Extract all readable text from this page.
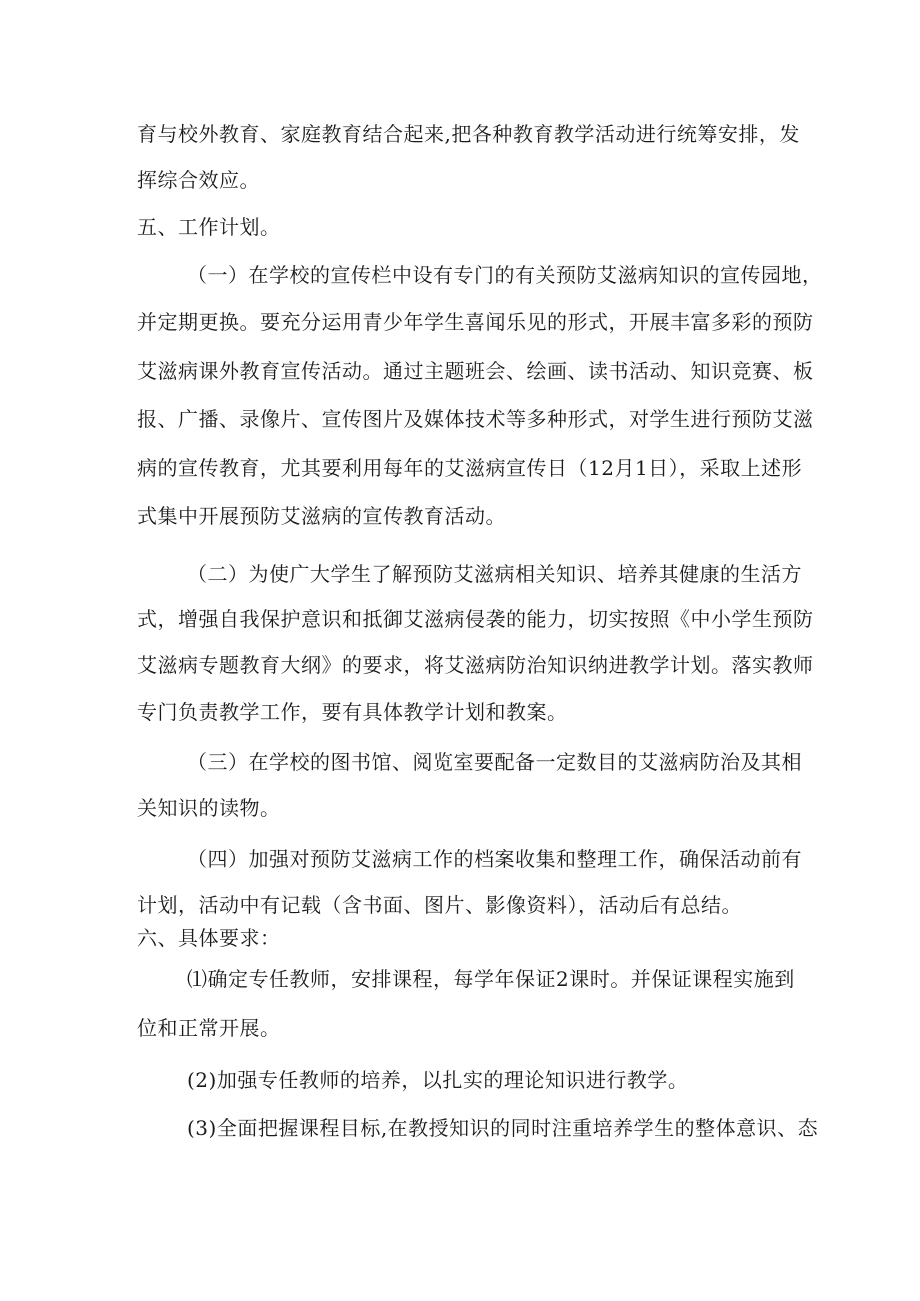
育与校外教育、家庭教育结合起来,把各种教育教学活动进行统筹安排，发
挥综合效应。
五、工作计划。
（一）在学校的宣传栏中设有专门的有关预防艾滋病知识的宣传园地，
并定期更换。要充分运用青少年学生喜闻乐见的形式，开展丰富多彩的预防
艾滋病课外教育宣传活动。通过主题班会、绘画、读书活动、知识竞赛、板
报、广播、录像片、宣传图片及媒体技术等多种形式，对学生进行预防艾滋
病的宣传教育，尤其要利用每年的艾滋病宣传日（12月1日），采取上述形
式集中开展预防艾滋病的宣传教育活动。
（二）为使广大学生了解预防艾滋病相关知识、培养其健康的生活方
式，增强自我保护意识和抵御艾滋病侵袭的能力，切实按照《中小学生预防
艾滋病专题教育大纲》的要求，将艾滋病防治知识纳进教学计划。落实教师
专门负责教学工作，要有具体教学计划和教案。
（三）在学校的图书馆、阅览室要配备一定数目的艾滋病防治及其相
关知识的读物。
（四）加强对预防艾滋病工作的档案收集和整理工作，确保活动前有
计划，活动中有记载（含书面、图片、影像资料），活动后有总结。
六、具体要求：
⑴确定专任教师，安排课程，每学年保证2课时。并保证课程实施到
位和正常开展。
(2)加强专任教师的培养，以扎实的理论知识进行教学。
(3)全面把握课程目标,在教授知识的同时注重培养学生的整体意识、态
